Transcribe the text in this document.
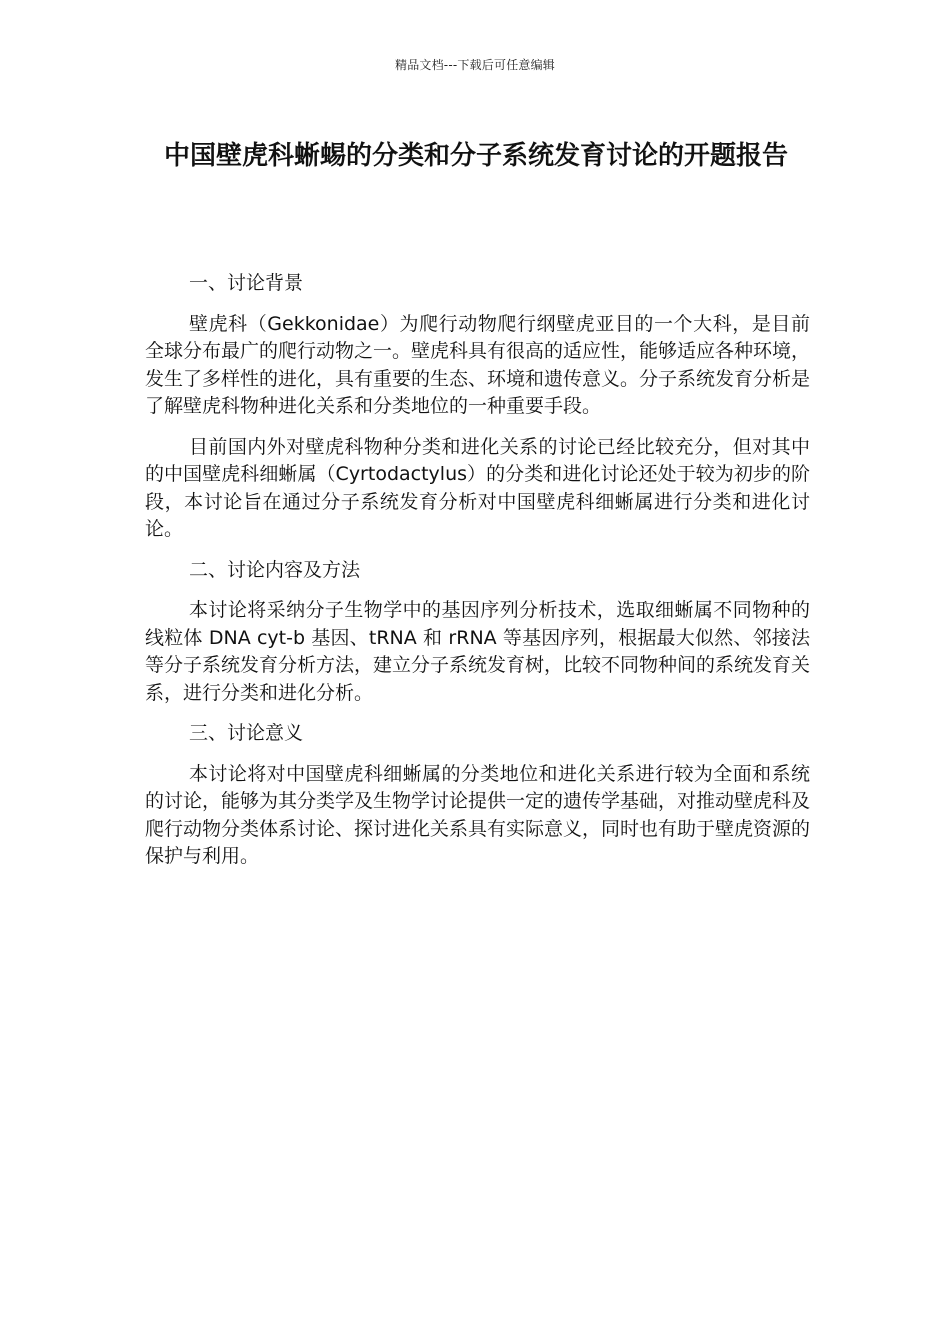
精品文档---下载后可任意编辑
中国壁虎科蜥蜴的分类和分子系统发育讨论的开题报告

一、讨论背景

壁虎科（Gekkonidae）为爬行动物爬行纲壁虎亚目的一个大科，是目前全球分布最广的爬行动物之一。壁虎科具有很高的适应性，能够适应各种环境，发生了多样性的进化，具有重要的生态、环境和遗传意义。分子系统发育分析是了解壁虎科物种进化关系和分类地位的一种重要手段。

目前国内外对壁虎科物种分类和进化关系的讨论已经比较充分，但对其中的中国壁虎科细蜥属（Cyrtodactylus）的分类和进化讨论还处于较为初步的阶段，本讨论旨在通过分子系统发育分析对中国壁虎科细蜥属进行分类和进化讨论。

二、讨论内容及方法

本讨论将采纳分子生物学中的基因序列分析技术，选取细蜥属不同物种的线粒体 DNA cyt-b 基因、tRNA 和 rRNA 等基因序列，根据最大似然、邻接法等分子系统发育分析方法，建立分子系统发育树，比较不同物种间的系统发育关系，进行分类和进化分析。

三、讨论意义

本讨论将对中国壁虎科细蜥属的分类地位和进化关系进行较为全面和系统的讨论，能够为其分类学及生物学讨论提供一定的遗传学基础，对推动壁虎科及爬行动物分类体系讨论、探讨进化关系具有实际意义，同时也有助于壁虎资源的保护与利用。
